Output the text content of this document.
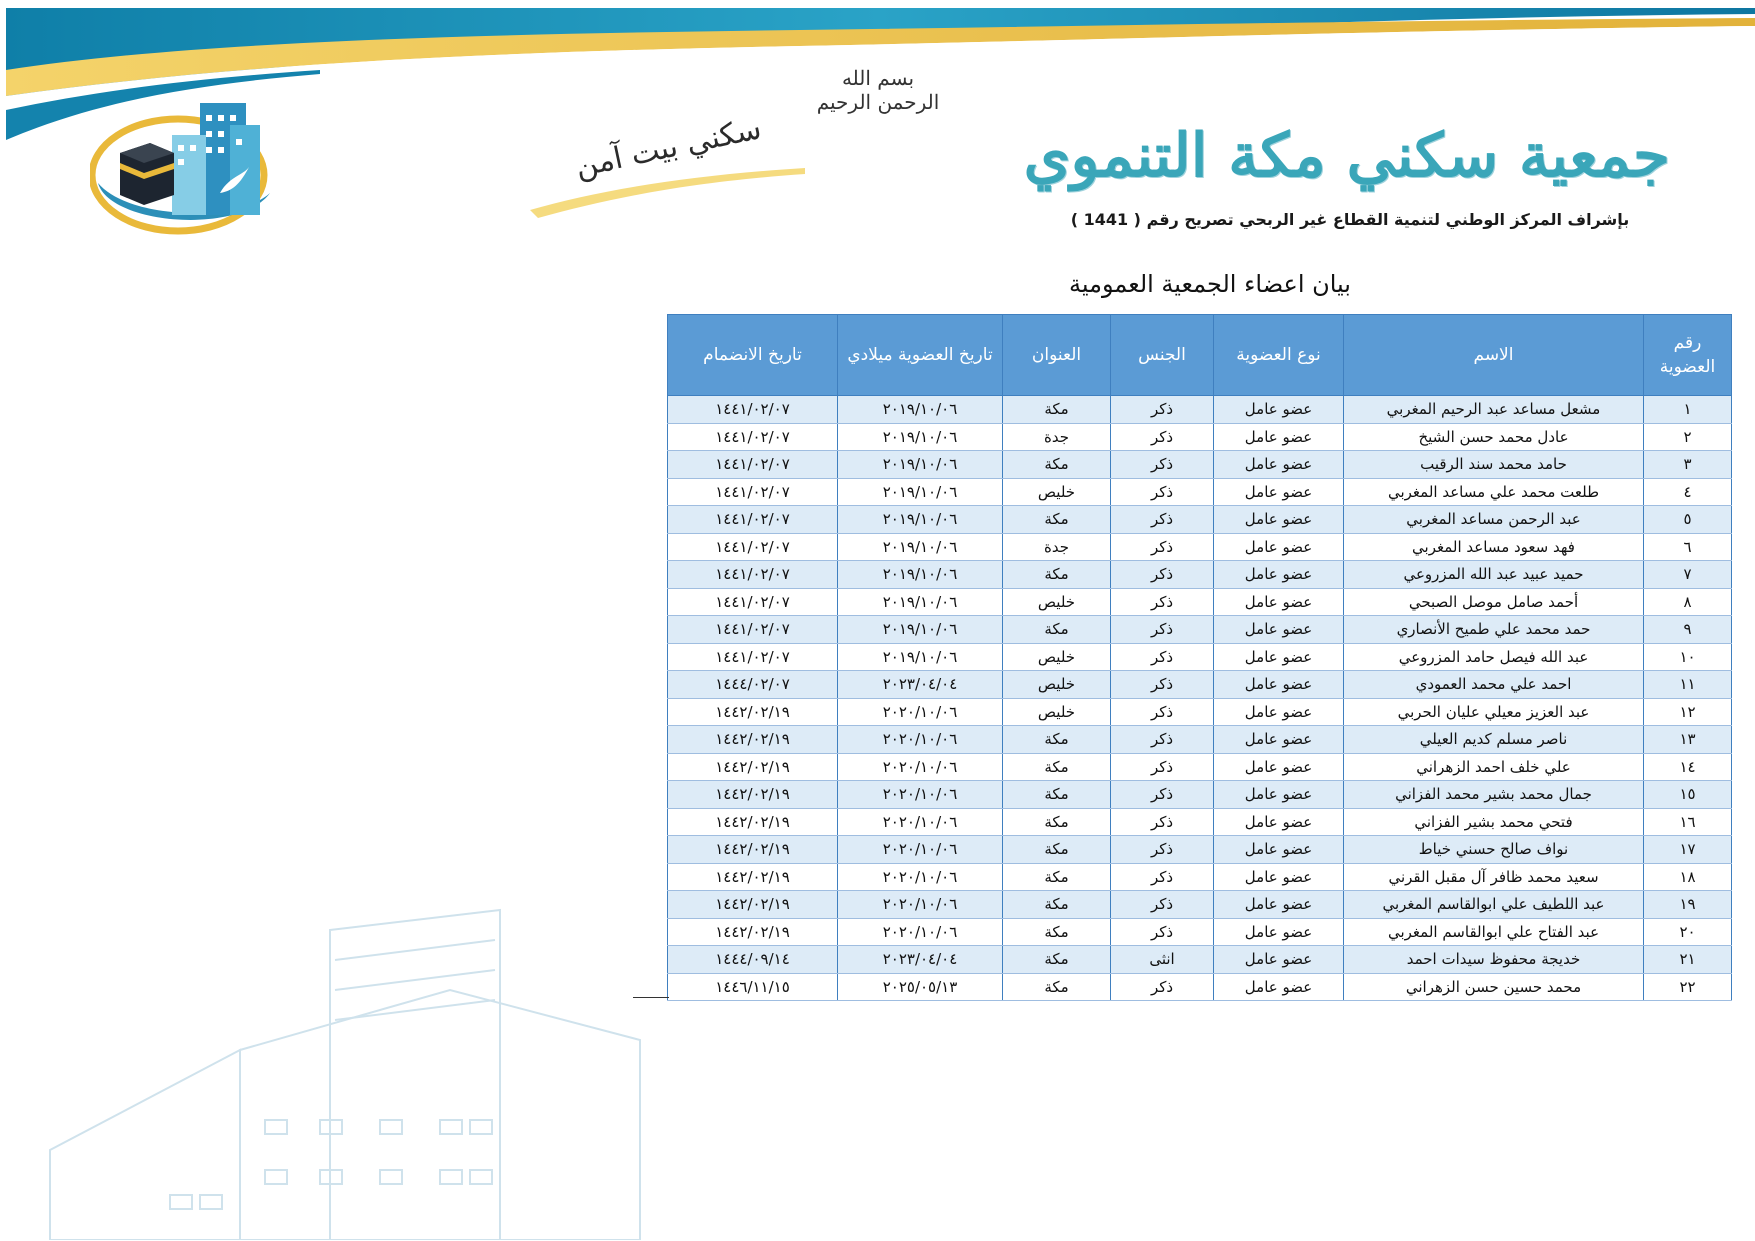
بسم الله الرحمن الرحيم
جمعية سكني مكة التنموي
بإشراف المركز الوطني لتنمية القطاع غير الربحي تصريح رقم ( 1441 )
سكني بيت آمن
بيان اعضاء الجمعية العمومية
رقم العضوية	الاسم	نوع العضوية	الجنس	العنوان	تاريخ العضوية ميلادي	تاريخ الانضمام
١	مشعل مساعد عبد الرحيم المغربي	عضو عامل	ذكر	مكة	٢٠١٩/١٠/٠٦	١٤٤١/٠٢/٠٧
٢	عادل محمد حسن الشيخ	عضو عامل	ذكر	جدة	٢٠١٩/١٠/٠٦	١٤٤١/٠٢/٠٧
٣	حامد محمد سند الرقيب	عضو عامل	ذكر	مكة	٢٠١٩/١٠/٠٦	١٤٤١/٠٢/٠٧
٤	طلعت محمد علي مساعد المغربي	عضو عامل	ذكر	خليص	٢٠١٩/١٠/٠٦	١٤٤١/٠٢/٠٧
٥	عبد الرحمن مساعد المغربي	عضو عامل	ذكر	مكة	٢٠١٩/١٠/٠٦	١٤٤١/٠٢/٠٧
٦	فهد سعود مساعد المغربي	عضو عامل	ذكر	جدة	٢٠١٩/١٠/٠٦	١٤٤١/٠٢/٠٧
٧	حميد عبيد عبد الله المزروعي	عضو عامل	ذكر	مكة	٢٠١٩/١٠/٠٦	١٤٤١/٠٢/٠٧
٨	أحمد صامل موصل الصبحي	عضو عامل	ذكر	خليص	٢٠١٩/١٠/٠٦	١٤٤١/٠٢/٠٧
٩	حمد محمد علي طميح الأنصاري	عضو عامل	ذكر	مكة	٢٠١٩/١٠/٠٦	١٤٤١/٠٢/٠٧
١٠	عبد الله فيصل حامد المزروعي	عضو عامل	ذكر	خليص	٢٠١٩/١٠/٠٦	١٤٤١/٠٢/٠٧
١١	احمد علي محمد العمودي	عضو عامل	ذكر	خليص	٢٠٢٣/٠٤/٠٤	١٤٤٤/٠٢/٠٧
١٢	عبد العزيز معيلي عليان الحربي	عضو عامل	ذكر	خليص	٢٠٢٠/١٠/٠٦	١٤٤٢/٠٢/١٩
١٣	ناصر مسلم كديم العيلي	عضو عامل	ذكر	مكة	٢٠٢٠/١٠/٠٦	١٤٤٢/٠٢/١٩
١٤	علي خلف احمد الزهراني	عضو عامل	ذكر	مكة	٢٠٢٠/١٠/٠٦	١٤٤٢/٠٢/١٩
١٥	جمال محمد بشير محمد الفزاني	عضو عامل	ذكر	مكة	٢٠٢٠/١٠/٠٦	١٤٤٢/٠٢/١٩
١٦	فتحي محمد بشير الفزاني	عضو عامل	ذكر	مكة	٢٠٢٠/١٠/٠٦	١٤٤٢/٠٢/١٩
١٧	نواف صالح حسني خياط	عضو عامل	ذكر	مكة	٢٠٢٠/١٠/٠٦	١٤٤٢/٠٢/١٩
١٨	سعيد محمد ظافر آل مقبل القرني	عضو عامل	ذكر	مكة	٢٠٢٠/١٠/٠٦	١٤٤٢/٠٢/١٩
١٩	عبد اللطيف علي ابوالقاسم المغربي	عضو عامل	ذكر	مكة	٢٠٢٠/١٠/٠٦	١٤٤٢/٠٢/١٩
٢٠	عبد الفتاح علي ابوالقاسم المغربي	عضو عامل	ذكر	مكة	٢٠٢٠/١٠/٠٦	١٤٤٢/٠٢/١٩
٢١	خديجة محفوظ سيدات احمد	عضو عامل	انثى	مكة	٢٠٢٣/٠٤/٠٤	١٤٤٤/٠٩/١٤
٢٢	محمد حسين حسن الزهراني	عضو عامل	ذكر	مكة	٢٠٢٥/٠٥/١٣	١٤٤٦/١١/١٥
